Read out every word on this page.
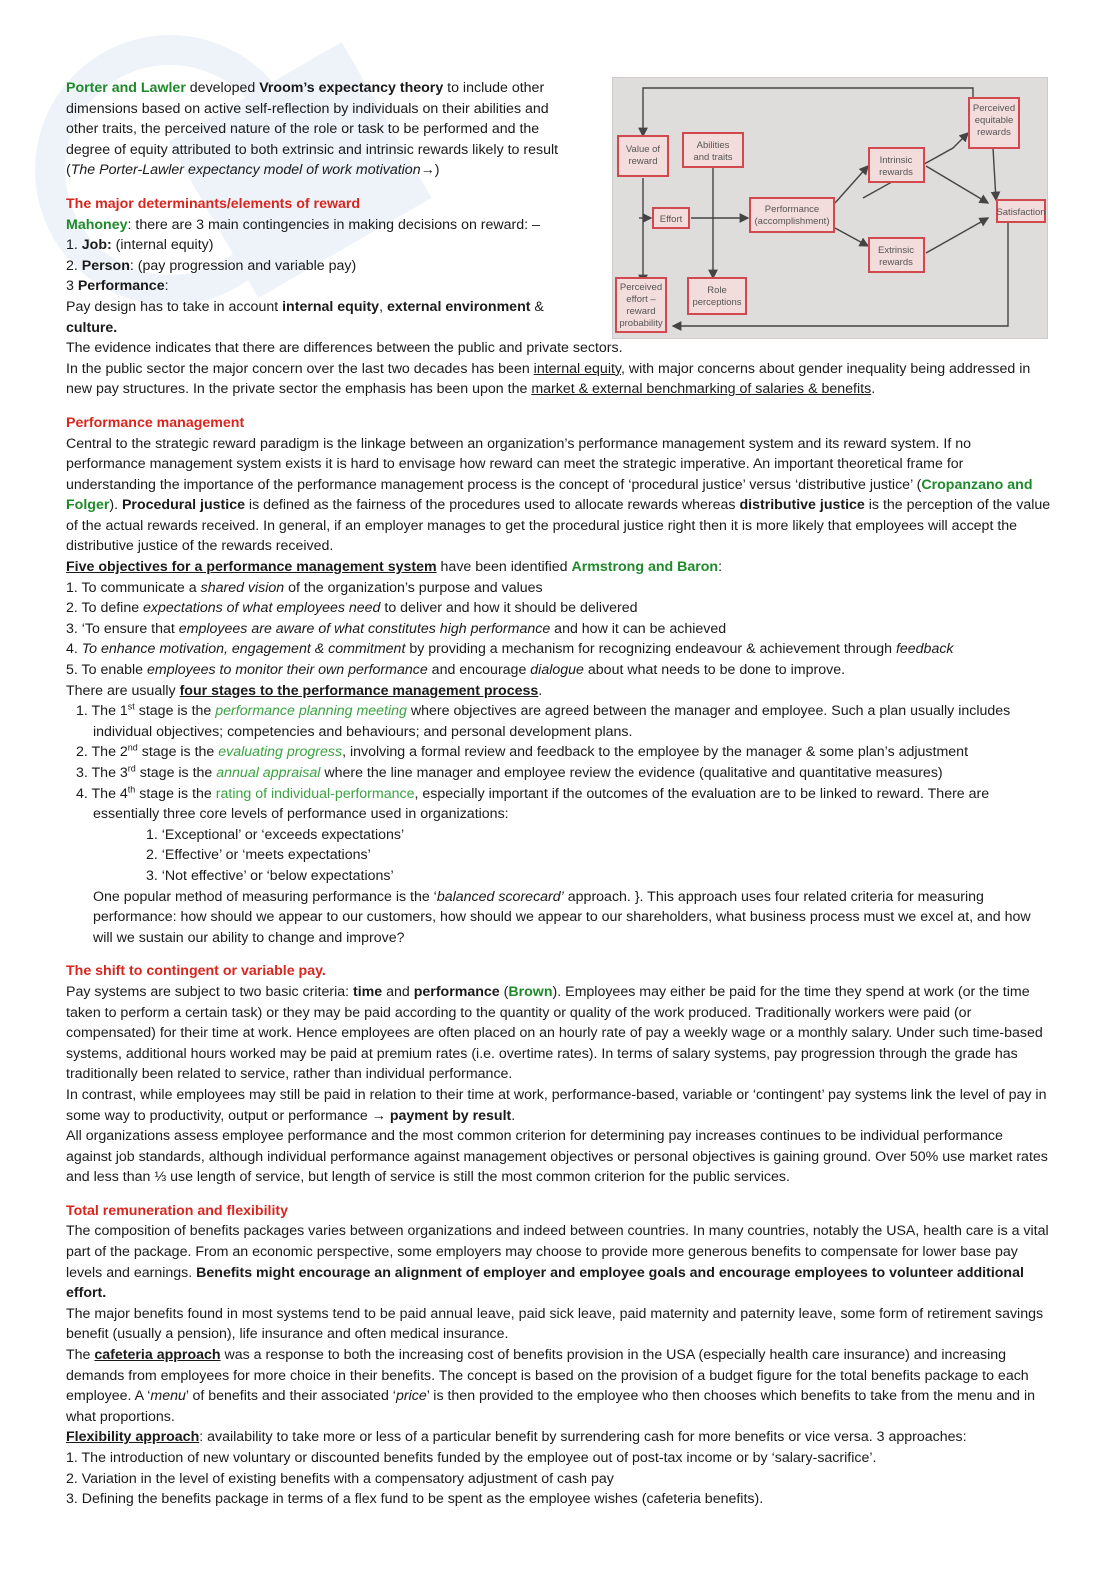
Value of
reward
Abilities
and traits
Effort
Performance
(accomplishment)
Intrinsic
rewards
Extrinsic
rewards
Perceived
equitable
rewards
Satisfaction
Perceived
effort –
reward
probability
Role
perceptions

Porter and Lawler developed Vroom’s expectancy theory to include other dimensions based on active self-reflection by individuals on their abilities and other traits, the perceived nature of the role or task to be performed and the degree of equity attributed to both extrinsic and intrinsic rewards likely to result (The Porter-Lawler expectancy model of work motivation→)

The major determinants/elements of reward

Mahoney: there are 3 main contingencies in making decisions on reward: –

1. Job: (internal equity)

2. Person: (pay progression and variable pay)

3 Performance:

Pay design has to take in account internal equity, external environment &
culture.

The evidence indicates that there are differences between the public and private sectors.

In the public sector the major concern over the last two decades has been internal equity, with major concerns about gender inequality being addressed in new pay structures. In the private sector the emphasis has been upon the market & external benchmarking of salaries & benefits.

Performance management

Central to the strategic reward paradigm is the linkage between an organization’s performance management system and its reward system. If no performance management system exists it is hard to envisage how reward can meet the strategic imperative. An important theoretical frame for understanding the importance of the performance management process is the concept of ‘procedural justice’ versus ‘distributive justice’ (Cropanzano and Folger). Procedural justice is defined as the fairness of the procedures used to allocate rewards whereas distributive justice is the perception of the value of the actual rewards received. In general, if an employer manages to get the procedural justice right then it is more likely that employees will accept the distributive justice of the rewards received.

Five objectives for a performance management system have been identified Armstrong and Baron:

1. To communicate a shared vision of the organization’s purpose and values

2. To define expectations of what employees need to deliver and how it should be delivered

3. ‘To ensure that employees are aware of what constitutes high performance and how it can be achieved

4. To enhance motivation, engagement & commitment by providing a mechanism for recognizing endeavour & achievement through feedback

5. To enable employees to monitor their own performance and encourage dialogue about what needs to be done to improve.

There are usually four stages to the performance management process.

1. The 1st stage is the performance planning meeting where objectives are agreed between the manager and employee. Such a plan usually includes individual objectives; competencies and behaviours; and personal development plans.

2. The 2nd stage is the evaluating progress, involving a formal review and feedback to the employee by the manager & some plan’s adjustment

3. The 3rd stage is the annual appraisal where the line manager and employee review the evidence (qualitative and quantitative measures)

4. The 4th stage is the rating of individual-performance, especially important if the outcomes of the evaluation are to be linked to reward. There are essentially three core levels of performance used in organizations:

1. ‘Exceptional’ or ‘exceeds expectations’

2. ‘Effective’ or ‘meets expectations’

3. ‘Not effective’ or ‘below expectations’

One popular method of measuring performance is the ‘balanced scorecard’ approach. }. This approach uses four related criteria for measuring performance: how should we appear to our customers, how should we appear to our shareholders, what business process must we excel at, and how will we sustain our ability to change and improve?

The shift to contingent or variable pay.

Pay systems are subject to two basic criteria: time and performance (Brown). Employees may either be paid for the time they spend at work (or the time taken to perform a certain task) or they may be paid according to the quantity or quality of the work produced. Traditionally workers were paid (or compensated) for their time at work. Hence employees are often placed on an hourly rate of pay a weekly wage or a monthly salary. Under such time-based systems, additional hours worked may be paid at premium rates (i.e. overtime rates). In terms of salary systems, pay progression through the grade has traditionally been related to service, rather than individual performance.

In contrast, while employees may still be paid in relation to their time at work, performance-based, variable or ‘contingent’ pay systems link the level of pay in some way to productivity, output or performance → payment by result.

All organizations assess employee performance and the most common criterion for determining pay increases continues to be individual performance against job standards, although individual performance against management objectives or personal objectives is gaining ground. Over 50% use market rates and less than ⅓ use length of service, but length of service is still the most common criterion for the public services.

Total remuneration and flexibility

The composition of benefits packages varies between organizations and indeed between countries. In many countries, notably the USA, health care is a vital part of the package. From an economic perspective, some employers may choose to provide more generous benefits to compensate for lower base pay levels and earnings. Benefits might encourage an alignment of employer and employee goals and encourage employees to volunteer additional effort.

The major benefits found in most systems tend to be paid annual leave, paid sick leave, paid maternity and paternity leave, some form of retirement savings benefit (usually a pension), life insurance and often medical insurance.

The cafeteria approach was a response to both the increasing cost of benefits provision in the USA (especially health care insurance) and increasing demands from employees for more choice in their benefits. The concept is based on the provision of a budget figure for the total benefits package to each employee. A ‘menu’ of benefits and their associated ‘price’ is then provided to the employee who then chooses which benefits to take from the menu and in what proportions.

Flexibility approach: availability to take more or less of a particular benefit by surrendering cash for more benefits or vice versa. 3 approaches:

1. The introduction of new voluntary or discounted benefits funded by the employee out of post-tax income or by ‘salary-sacrifice’.

2. Variation in the level of existing benefits with a compensatory adjustment of cash pay

3. Defining the benefits package in terms of a flex fund to be spent as the employee wishes (cafeteria benefits).
